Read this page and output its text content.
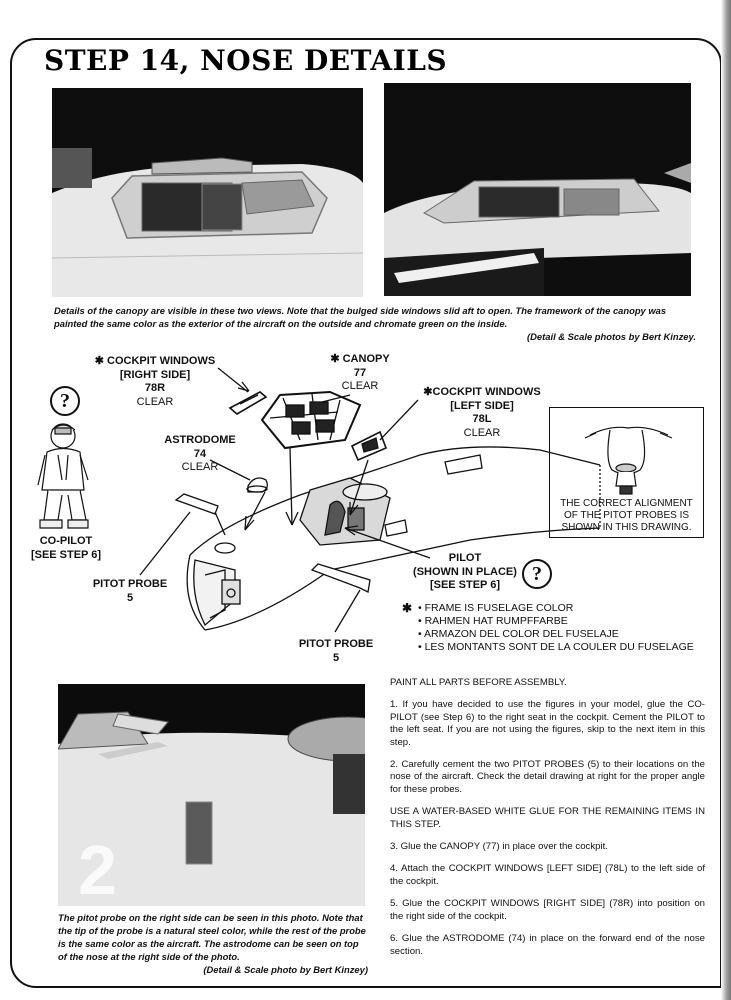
STEP 14, NOSE DETAILS

Details of the canopy are visible in these two views. Note that the bulged side windows slid aft to open. The framework of the canopy was painted the same color as the exterior of the aircraft on the outside and chromate green on the inside.
(Detail & Scale photos by Bert Kinzey.

✱ COCKPIT WINDOWS
[RIGHT SIDE]
78R
CLEAR
✱ CANOPY
77
CLEAR	✱COCKPIT WINDOWS
[LEFT SIDE]
78L
CLEAR
ASTRODOME
74
CLEAR
?
CO-PILOT
[SEE STEP 6]
PITOT PROBE
5
PILOT
(SHOWN IN PLACE)
[SEE STEP 6]	?
PITOT PROBE
5
THE CORRECT ALIGNMENT
OF THE PITOT PROBES IS
SHOWN IN THIS DRAWING.
✱ • FRAME IS FUSELAGE COLOR
• RAHMEN HAT RUMPFFARBE
• ARMAZON DEL COLOR DEL FUSELAJE
• LES MONTANTS SONT DE LA COULER DU FUSELAGE
2

The pitot probe on the right side can be seen in this photo. Note that the tip of the probe is a natural steel color, while the rest of the probe is the same color as the aircraft. The astrodome can be seen on top of the nose at the right side of the photo.
(Detail & Scale photo by Bert Kinzey)

PAINT ALL PARTS BEFORE ASSEMBLY.

1. If you have decided to use the figures in your model, glue the CO-PILOT (see Step 6) to the right seat in the cockpit. Cement the PILOT to the left seat. If you are not using the figures, skip to the next item in this step.

2. Carefully cement the two PITOT PROBES (5) to their locations on the nose of the aircraft. Check the detail drawing at right for the proper angle for these probes.

USE A WATER-BASED WHITE GLUE FOR THE REMAINING ITEMS IN THIS STEP.

3. Glue the CANOPY (77) in place over the cockpit.

4. Attach the COCKPIT WINDOWS [LEFT SIDE] (78L) to the left side of the cockpit.

5. Glue the COCKPIT WINDOWS [RIGHT SIDE] (78R) into position on the right side of the cockpit.

6. Glue the ASTRODOME (74) in place on the forward end of the nose section.
